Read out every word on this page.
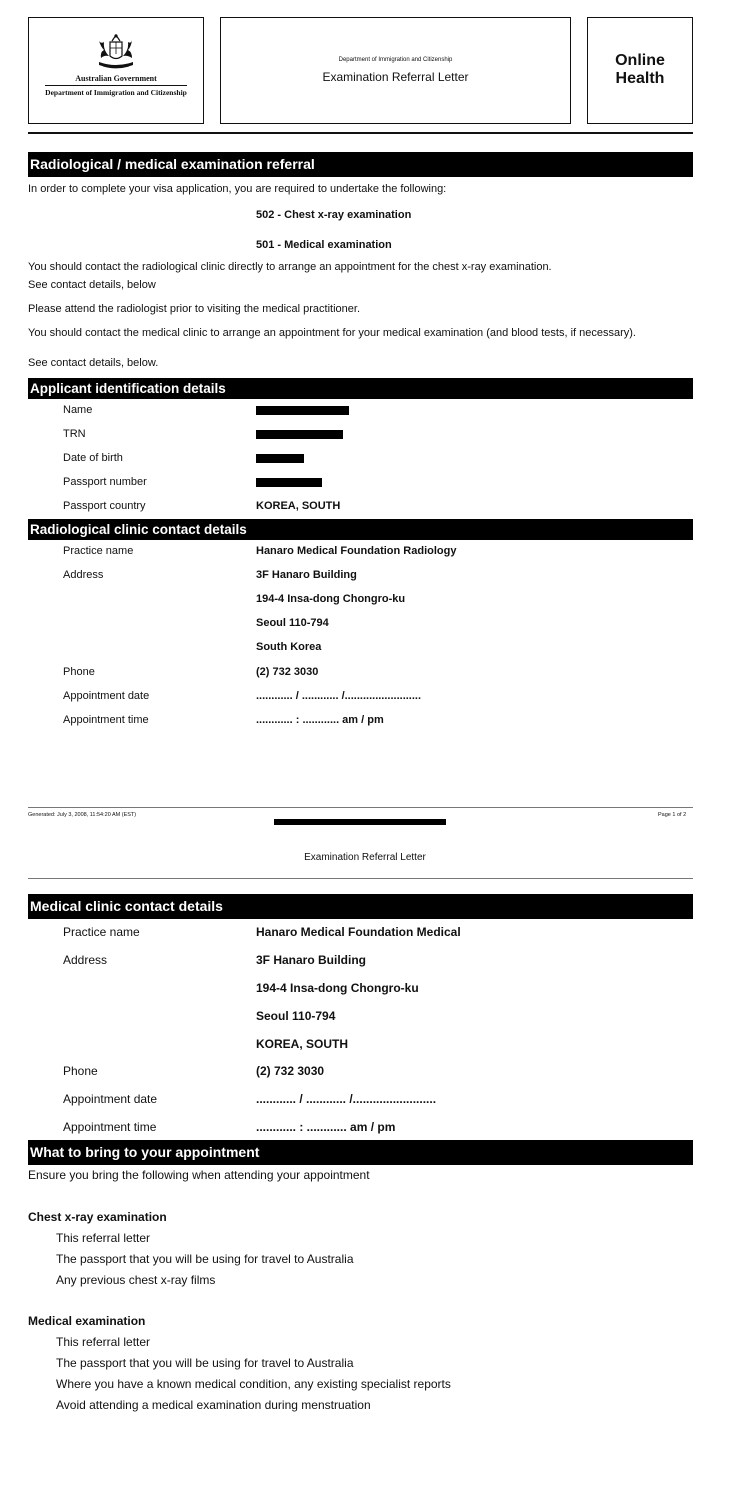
Australian Government
Department of Immigration and Citizenship
Department of Immigration and Citizenship
Examination Referral Letter
Online
Health
Radiological / medical examination referral
In order to complete your visa application, you are required to undertake the following:
502 - Chest x-ray examination
501 - Medical examination
You should contact the radiological clinic directly to arrange an appointment for the chest x-ray examination.
See contact details, below
Please attend the radiologist prior to visiting the medical practitioner.
You should contact the medical clinic to arrange an appointment for your medical examination (and blood tests, if necessary).
See contact details, below.
Applicant identification details
Name
TRN
Date of birth
Passport number
Passport country	KOREA, SOUTH
Radiological clinic contact details
Practice name	Hanaro Medical Foundation Radiology
Address	3F Hanaro Building
194-4 Insa-dong Chongro-ku
Seoul 110-794
South Korea
Phone	(2) 732 3030
Appointment date	............ / ............ /.........................
Appointment time	............ : ............ am / pm
Generated: July 3, 2008, 11:54:20 AM (EST)	Page 1 of 2
Examination Referral Letter
Medical clinic contact details
Practice name	Hanaro Medical Foundation Medical
Address	3F Hanaro Building
194-4 Insa-dong Chongro-ku
Seoul 110-794
KOREA, SOUTH
Phone	(2) 732 3030
Appointment date	............ / ............ /.........................
Appointment time	............ : ............ am / pm
What to bring to your appointment
Ensure you bring the following when attending your appointment
Chest x-ray examination
This referral letter
The passport that you will be using for travel to Australia
Any previous chest x-ray films
Medical examination
This referral letter
The passport that you will be using for travel to Australia
Where you have a known medical condition, any existing specialist reports
Avoid attending a medical examination during menstruation
